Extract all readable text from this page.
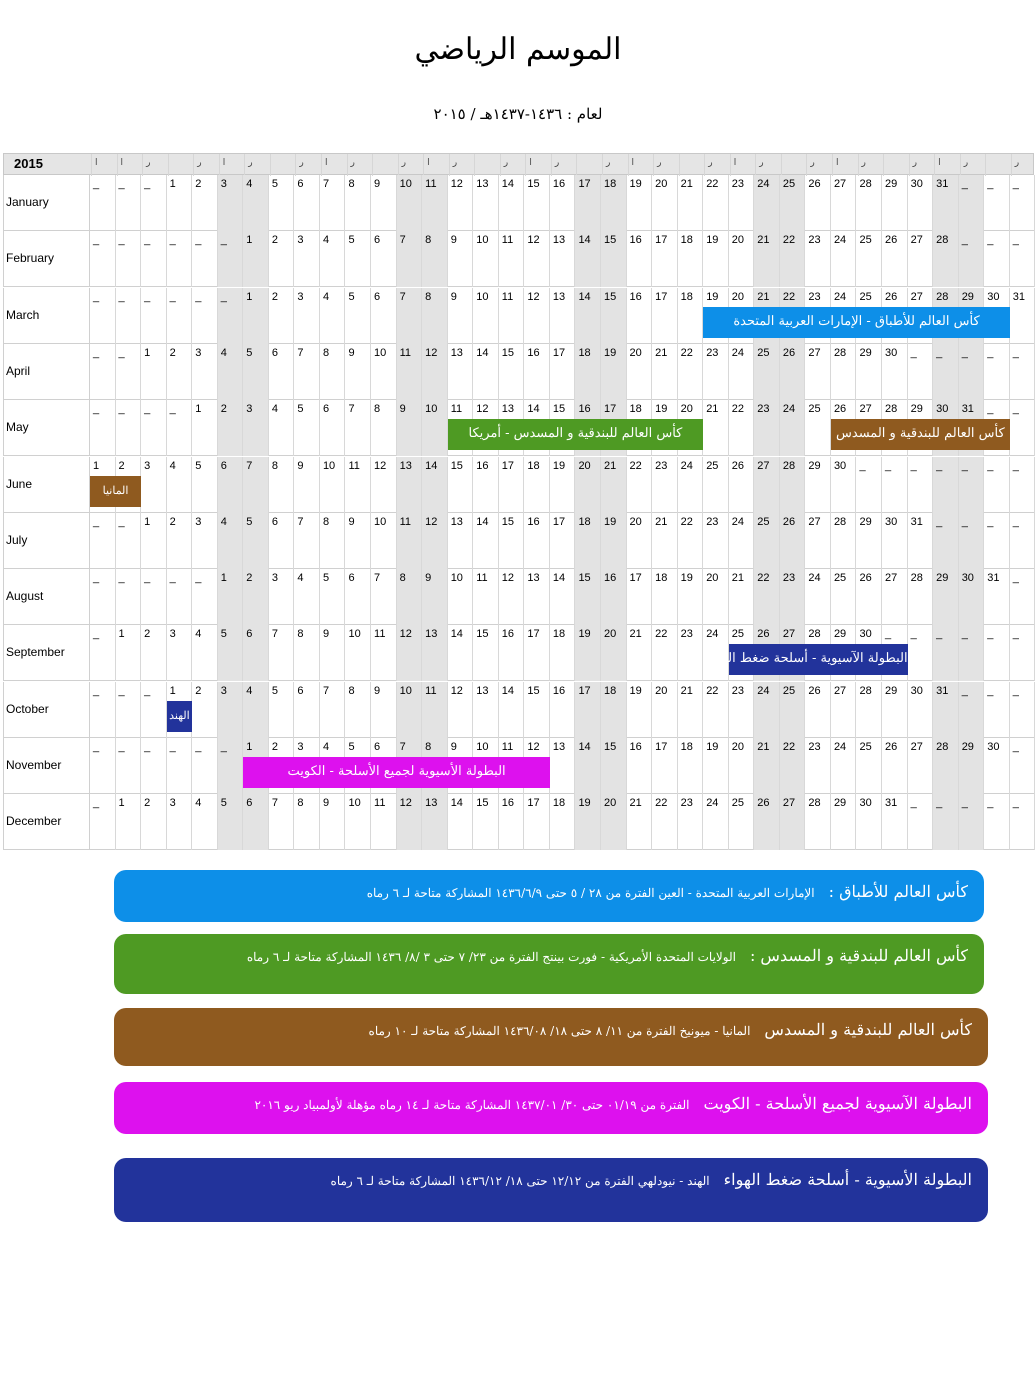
الموسم الرياضي
لعام : ١٤٣٦-١٤٣٧هـ / ٢٠١٥
2015	ا	ا	ر	ر ا	ر	ر ا	ر	ر ا	ر	ر ا	ر	ر ا	ر	ر ا	ر	ر ا	ر	ر ا	ر	ر
January
_ _ _ 1 2 3 4 5 6 7 8 9 10 11 12 13 14 15 16 17 18 19 20 21 22 23 24 25 26 27 28 29 30 31 _ _ _
February
_ _ _ _ _ _ 1 2 3 4 5 6 7 8 9 10 11 12 13 14 15 16 17 18 19 20 21 22 23 24 25 26 27 28 _ _ _
March
_ _ _ _ _ _ 1 2 3 4 5 6 7 8 9 10 11 12 13 14 15 16 17 18 19 20 21 22 23 24 25 26 27 28 29 30 31
April
_ _ 1 2 3 4 5 6 7 8 9 10 11 12 13 14 15 16 17 18 19 20 21 22 23 24 25 26 27 28 29 30 _ _ _ _ _
May
_ _ _ _ 1 2 3 4 5 6 7 8 9 10 11 12 13 14 15 16 17 18 19 20 21 22 23 24 25 26 27 28 29 30 31 _ _
June
1 2 3 4 5 6 7 8 9 10 11 12 13 14 15 16 17 18 19 20 21 22 23 24 25 26 27 28 29 30 _ _ _ _ _ _ _
July
_ _ 1 2 3 4 5 6 7 8 9 10 11 12 13 14 15 16 17 18 19 20 21 22 23 24 25 26 27 28 29 30 31 _ _ _ _
August
_ _ _ _ _ 1 2 3 4 5 6 7 8 9 10 11 12 13 14 15 16 17 18 19 20 21 22 23 24 25 26 27 28 29 30 31 _
September
_ 1 2 3 4 5 6 7 8 9 10 11 12 13 14 15 16 17 18 19 20 21 22 23 24 25 26 27 28 29 30 _ _ _ _ _ _
October
_ _ _ 1 2 3 4 5 6 7 8 9 10 11 12 13 14 15 16 17 18 19 20 21 22 23 24 25 26 27 28 29 30 31 _ _ _
November
_ _ _ _ _ _ 1 2 3 4 5 6 7 8 9 10 11 12 13 14 15 16 17 18 19 20 21 22 23 24 25 26 27 28 29 30 _
December
_ 1 2 3 4 5 6 7 8 9 10 11 12 13 14 15 16 17 18 19 20 21 22 23 24 25 26 27 28 29 30 31 _ _ _ _ _
كأس العالم للأطباق - الإمارات العربية المتحدة
كأس العالم للبندقية و المسدس - أمريكا	كأس العالم للبندقية و المسدس
المانيا
البطولة الآسيوية - أسلحة ضغط الهواء
الهند
البطولة الأسيوية لجميع الأسلحة - الكويت
كأس العالم للأطباق :
الإمارات العربية المتحدة - العين الفترة من ٢٨ / ٥ حتى ١٤٣٦/٦/٩ المشاركة متاحة لـ ٦ رماه
كأس العالم للبندقية و المسدس :
الولايات المتحدة الأمريكية - فورت بينتج الفترة من ٢٣/ ٧ حتى ٣ /٨/ ١٤٣٦ المشاركة متاحة لـ ٦ رماه
كأس العالم للبندقية و المسدس
المانيا - ميونيخ الفترة من ١١/ ٨ حتى ١٨/ ١٤٣٦/٠٨ المشاركة متاحة لـ ١٠ رماه
البطولة الآسيوية لجميع الأسلحة - الكويت
الفترة من ٠١/١٩ حتى ٣٠/ ١٤٣٧/٠١ المشاركة متاحة لـ ١٤ رماه مؤهلة لأولمبياد ريو ٢٠١٦
البطولة الأسيوية - أسلحة ضغط الهواء
الهند - نيودلهي الفترة من ١٢/١٢ حتى ١٨/ ١٤٣٦/١٢ المشاركة متاحة لـ ٦ رماه
